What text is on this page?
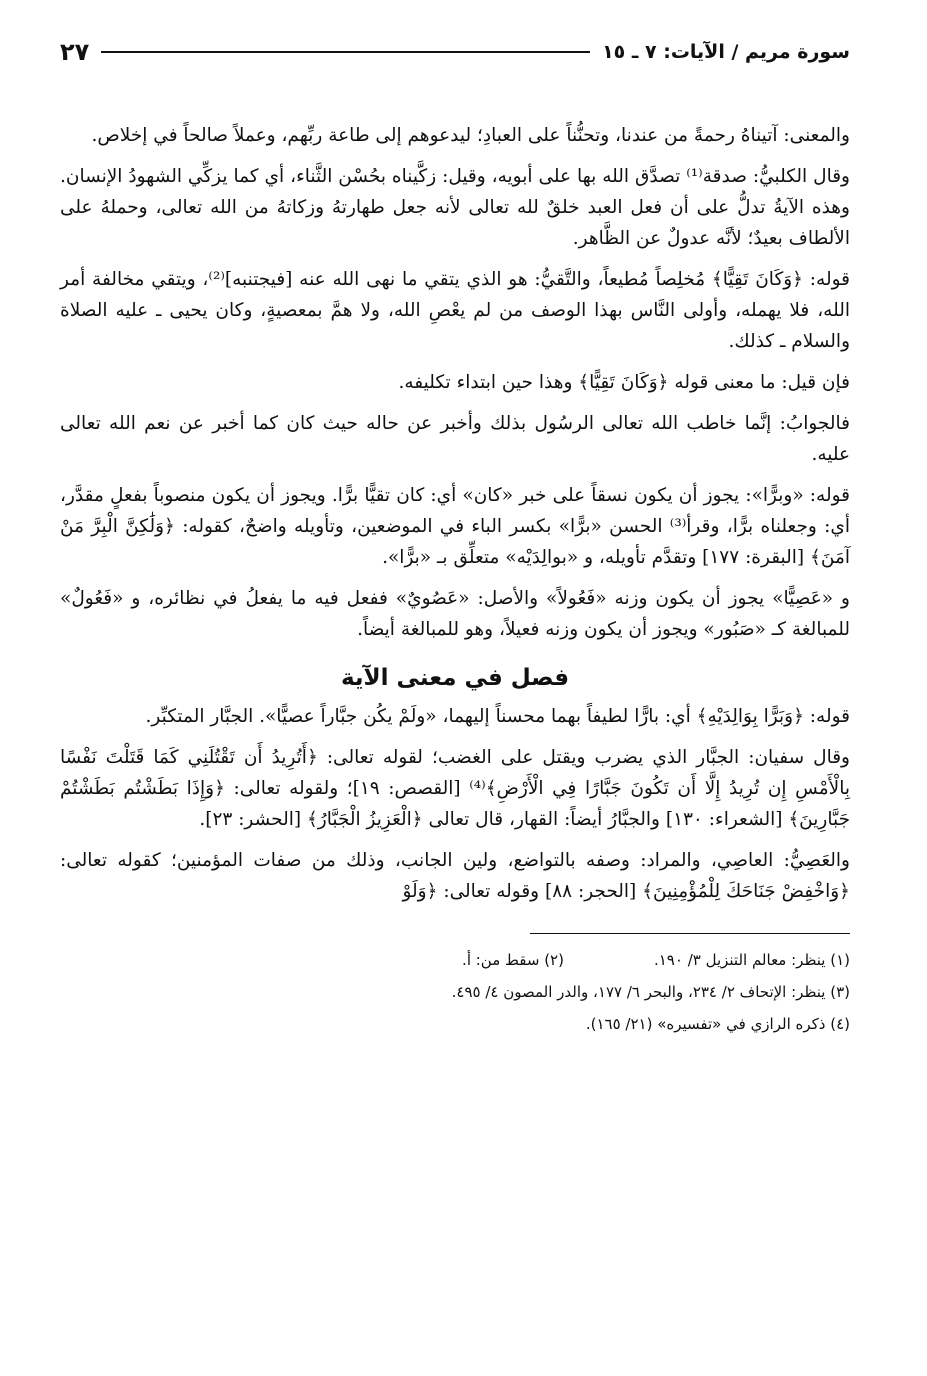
سورة مريم / الآيات: ٧ ـ ١٥
٢٧

والمعنى: آتيناهُ رحمةً من عندنا، وتحنُّناً على العبادِ؛ ليدعوهم إلى طاعة ربِّهم، وعملاً صالحاً في إخلاص.

وقال الكلبيُّ: صدقة⁽¹⁾ تصدَّق الله بها على أبويه، وقيل: زكَّيناه بحُسْن الثَّناء، أي كما يزكِّي الشهودُ الإنسان. وهذه الآيةُ تدلُّ على أن فعل العبد خلقٌ لله تعالى لأنه جعل طهارتهُ وزكاتهُ من الله تعالى، وحملهُ على الألطاف بعيدٌ؛ لأنَّه عدولٌ عن الظَّاهر.

قوله: ﴿وَكَانَ تَقِيًّا﴾ مُخلِصاً مُطيعاً، والتَّقيُّ: هو الذي يتقي ما نهى الله عنه [فيجتنبه]⁽²⁾، ويتقي مخالفة أمر الله، فلا يهمله، وأولى النَّاس بهذا الوصف من لم يعْصِ الله، ولا همَّ بمعصيةٍ، وكان يحيى ـ عليه الصلاة والسلام ـ كذلك.

فإن قيل: ما معنى قوله ﴿وَكَانَ تَقِيًّا﴾ وهذا حين ابتداء تكليفه.

فالجوابُ: إنَّما خاطب الله تعالى الرسُول بذلك وأخبر عن حاله حيث كان كما أخبر عن نعم الله تعالى عليه.

قوله: «وبرًّا»: يجوز أن يكون نسقاً على خبر «كان» أي: كان تقيًّا برًّا. ويجوز أن يكون منصوباً بفعلٍ مقدَّر، أي: وجعلناه برًّا، وقرأ⁽³⁾ الحسن «برًّا» بكسر الباء في الموضعين، وتأويله واضحٌ، كقوله: ﴿وَلَٰكِنَّ الْبِرَّ مَنْ آمَنَ﴾ [البقرة: ١٧٧] وتقدَّم تأويله، و «بوالِدَيْه» متعلِّق بـ «برًّا».

و «عَصِيًّا» يجوز أن يكون وزنه «فَعُولاً» والأصل: «عَصُويٌ» ففعل فيه ما يفعلُ في نظائره، و «فَعُولٌ» للمبالغة كـ «صَبُور» ويجوز أن يكون وزنه فعيلاً، وهو للمبالغة أيضاً.

فصل في معنى الآية

قوله: ﴿وَبَرًّا بِوَالِدَيْهِ﴾ أي: بارًّا لطيفاً بهما محسناً إليهما، «ولَمْ يكُن جبَّاراً عصيًّا». الجبَّار المتكبِّر.

وقال سفيان: الجبَّار الذي يضرب ويقتل على الغضب؛ لقوله تعالى: ﴿أَتُرِيدُ أَن تَقْتُلَنِي كَمَا قَتَلْتَ نَفْسًا بِالْأَمْسِ إِن تُرِيدُ إِلَّا أَن تَكُونَ جَبَّارًا فِي الْأَرْضِ﴾⁽⁴⁾ [القصص: ١٩]؛ ولقوله تعالى: ﴿وَإِذَا بَطَشْتُم بَطَشْتُمْ جَبَّارِينَ﴾ [الشعراء: ١٣٠] والجبَّارُ أيضاً: القهار، قال تعالى ﴿الْعَزِيزُ الْجَبَّارُ﴾ [الحشر: ٢٣].

والعَصِيُّ: العاصِي، والمراد: وصفه بالتواضع، ولين الجانب، وذلك من صفات المؤمنين؛ كقوله تعالى: ﴿وَاخْفِضْ جَنَاحَكَ لِلْمُؤْمِنِينَ﴾ [الحجر: ٨٨] وقوله تعالى: ﴿وَلَوْ

(١) ينظر: معالم التنزيل ٣/ ١٩٠.
(٢) سقط من: أ.
(٣) ينظر: الإتحاف ٢/ ٢٣٤، والبحر ٦/ ١٧٧، والدر المصون ٤/ ٤٩٥.
(٤) ذكره الرازي في «تفسيره» (٢١/ ١٦٥).
